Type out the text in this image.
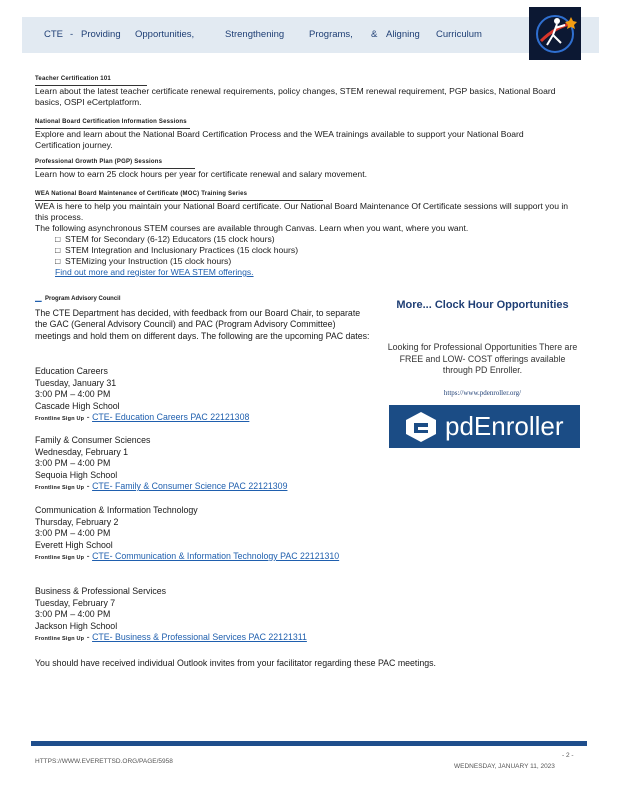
CTE - Providing Opportunities,	Strengthening	Programs, & Aligning Curriculum
Teacher Certification 101
Learn about the latest teacher certificate renewal requirements, policy changes, STEM renewal requirement, PGP basics, National Board basics, OSPI eCertplatform.
National Board Certification Information Sessions
Explore and learn about the National Board Certification Process and the WEA trainings available to support your National Board Certification journey.
Professional Growth Plan (PGP) Sessions
Learn how to earn 25 clock hours per year for certificate renewal and salary movement.
WEA National Board Maintenance of Certificate (MOC) Training Series
WEA is here to help you maintain your National Board certificate. Our National Board Maintenance Of Certificate sessions will support you in this process.
The following asynchronous STEM courses are available through Canvas. Learn when you want, where you want.
□  STEM for Secondary (6-12) Educators (15 clock hours)
□  STEM Integration and Inclusionary Practices (15 clock hours)
□  STEMizing your Instruction (15 clock hours)
Find out more and register for WEA STEM offerings.
__ Program Advisory Council
The CTE Department has decided, with feedback from our Board Chair, to separate the GAC (General Advisory Council) and PAC (Program Advisory Committee) meetings and hold them on different days. The following are the upcoming PAC dates:
Education Careers
Tuesday, January 31
3:00 PM – 4:00 PM
Cascade High School
Frontline Sign Up - CTE- Education Careers PAC 22121308
Family & Consumer Sciences
Wednesday, February 1
3:00 PM – 4:00 PM
Sequoia High School
Frontline Sign Up - CTE- Family & Consumer Science PAC 22121309
Communication & Information Technology
Thursday, February 2
3:00 PM – 4:00 PM
Everett High School
Frontline Sign Up - CTE- Communication & Information Technology PAC 22121310
Business & Professional Services
Tuesday, February 7
3:00 PM – 4:00 PM
Jackson High School
Frontline Sign Up - CTE- Business & Professional Services PAC 22121311
You should have received individual Outlook invites from your facilitator regarding these PAC meetings.
More... Clock Hour Opportunities
Looking for Professional Opportunities There are FREE and LOW- COST offerings available through PD Enroller.
https://www.pdenroller.org/
pdEnroller
HTTPS://WWW.EVERETTSD.ORG/PAGE/5958
- 2 -
WEDNESDAY, JANUARY 11, 2023
